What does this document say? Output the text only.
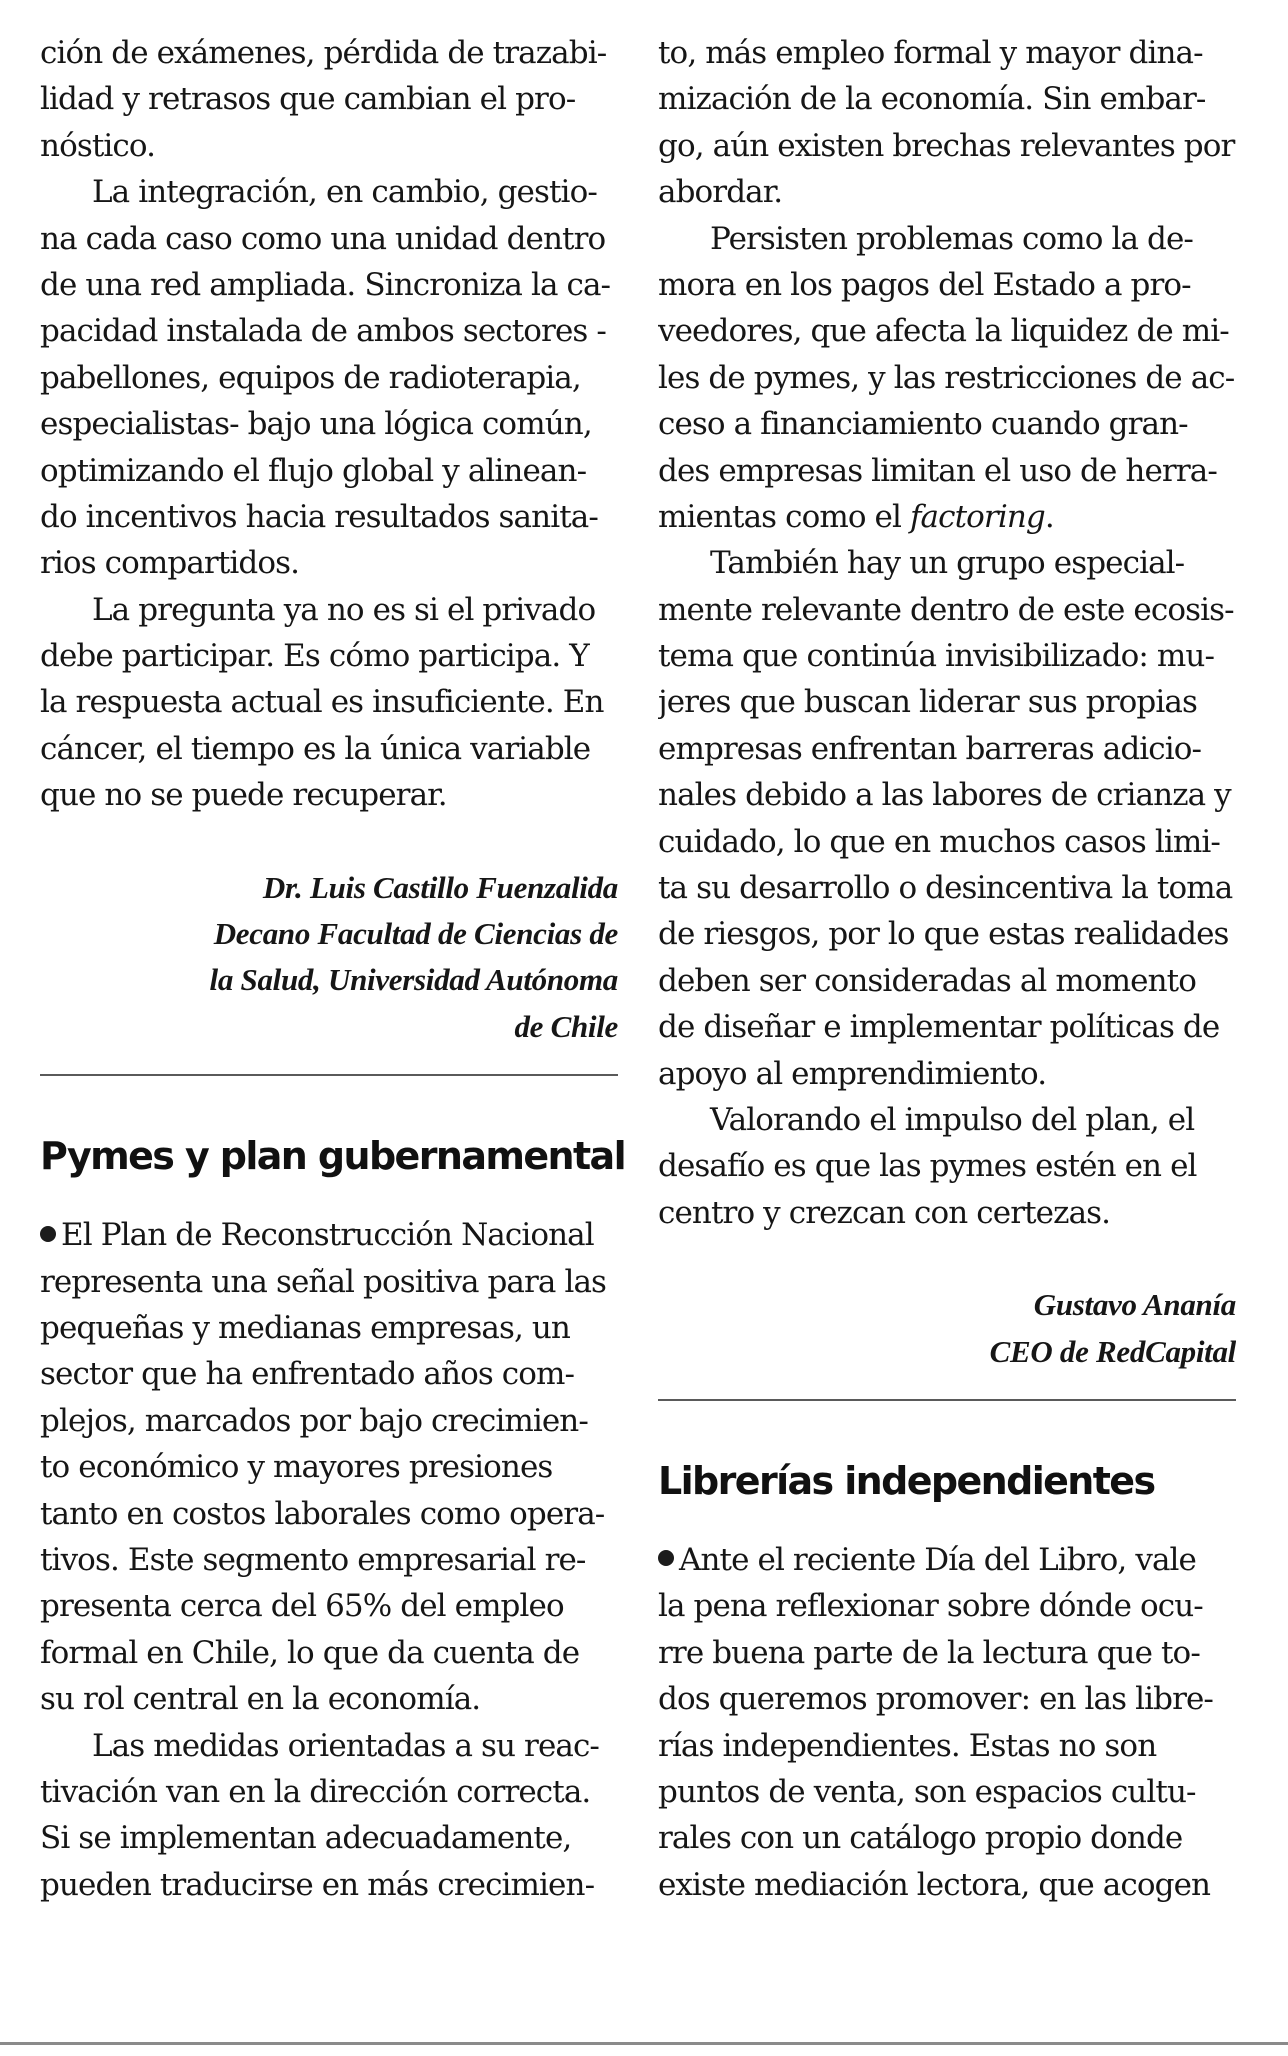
ción de exámenes, pérdida de trazabi-
lidad y retrasos que cambian el pro-
nóstico.
La integración, en cambio, gestio-
na cada caso como una unidad dentro
de una red ampliada. Sincroniza la ca-
pacidad instalada de ambos sectores -
pabellones, equipos de radioterapia,
especialistas- bajo una lógica común,
optimizando el flujo global y alinean-
do incentivos hacia resultados sanita-
rios compartidos.
La pregunta ya no es si el privado
debe participar. Es cómo participa. Y
la respuesta actual es insuficiente. En
cáncer, el tiempo es la única variable
que no se puede recuperar.
Dr. Luis Castillo Fuenzalida
Decano Facultad de Ciencias de
la Salud, Universidad Autónoma
de Chile
Pymes y plan gubernamental
El Plan de Reconstrucción Nacional
representa una señal positiva para las
pequeñas y medianas empresas, un
sector que ha enfrentado años com-
plejos, marcados por bajo crecimien-
to económico y mayores presiones
tanto en costos laborales como opera-
tivos. Este segmento empresarial re-
presenta cerca del 65% del empleo
formal en Chile, lo que da cuenta de
su rol central en la economía.
Las medidas orientadas a su reac-
tivación van en la dirección correcta.
Si se implementan adecuadamente,
pueden traducirse en más crecimien-
to, más empleo formal y mayor dina-
mización de la economía. Sin embar-
go, aún existen brechas relevantes por
abordar.
Persisten problemas como la de-
mora en los pagos del Estado a pro-
veedores, que afecta la liquidez de mi-
les de pymes, y las restricciones de ac-
ceso a financiamiento cuando gran-
des empresas limitan el uso de herra-
mientas como el factoring.
También hay un grupo especial-
mente relevante dentro de este ecosis-
tema que continúa invisibilizado: mu-
jeres que buscan liderar sus propias
empresas enfrentan barreras adicio-
nales debido a las labores de crianza y
cuidado, lo que en muchos casos limi-
ta su desarrollo o desincentiva la toma
de riesgos, por lo que estas realidades
deben ser consideradas al momento
de diseñar e implementar políticas de
apoyo al emprendimiento.
Valorando el impulso del plan, el
desafío es que las pymes estén en el
centro y crezcan con certezas.
Gustavo Ananía
CEO de RedCapital
Librerías independientes
Ante el reciente Día del Libro, vale
la pena reflexionar sobre dónde ocu-
rre buena parte de la lectura que to-
dos queremos promover: en las libre-
rías independientes. Estas no son
puntos de venta, son espacios cultu-
rales con un catálogo propio donde
existe mediación lectora, que acogen
